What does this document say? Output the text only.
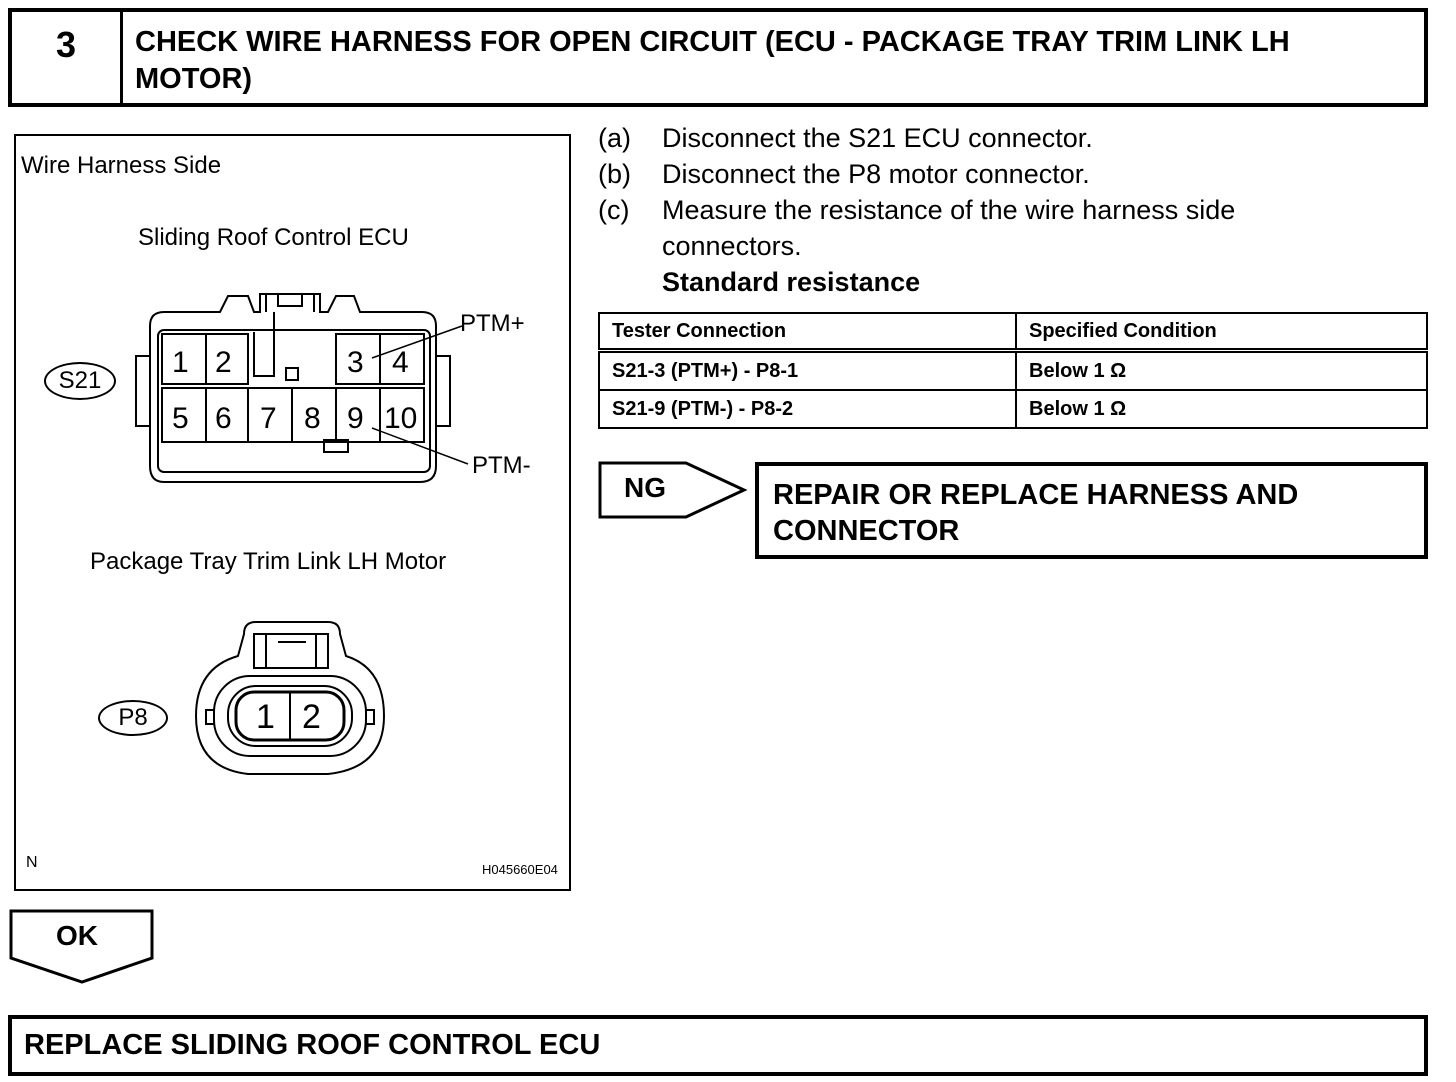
3	CHECK WIRE HARNESS FOR OPEN CIRCUIT (ECU - PACKAGE TRAY TRIM LINK LH MOTOR)
Wire Harness Side
Sliding Roof Control ECU
1 2	3 4
5 6 7 8 9 10
PTM+
PTM-
S21
Package Tray Trim Link LH Motor
P8	1 2
N	H045660E04
(a)	Disconnect the S21 ECU connector.
(b)	Disconnect the P8 motor connector.
(c)	Measure the resistance of the wire harness side connectors.
Standard resistance
Tester Connection	Specified Condition
S21-3 (PTM+) - P8-1	Below 1 Ω
S21-9 (PTM-) - P8-2	Below 1 Ω
NG	REPAIR OR REPLACE HARNESS AND CONNECTOR
OK
REPLACE SLIDING ROOF CONTROL ECU
